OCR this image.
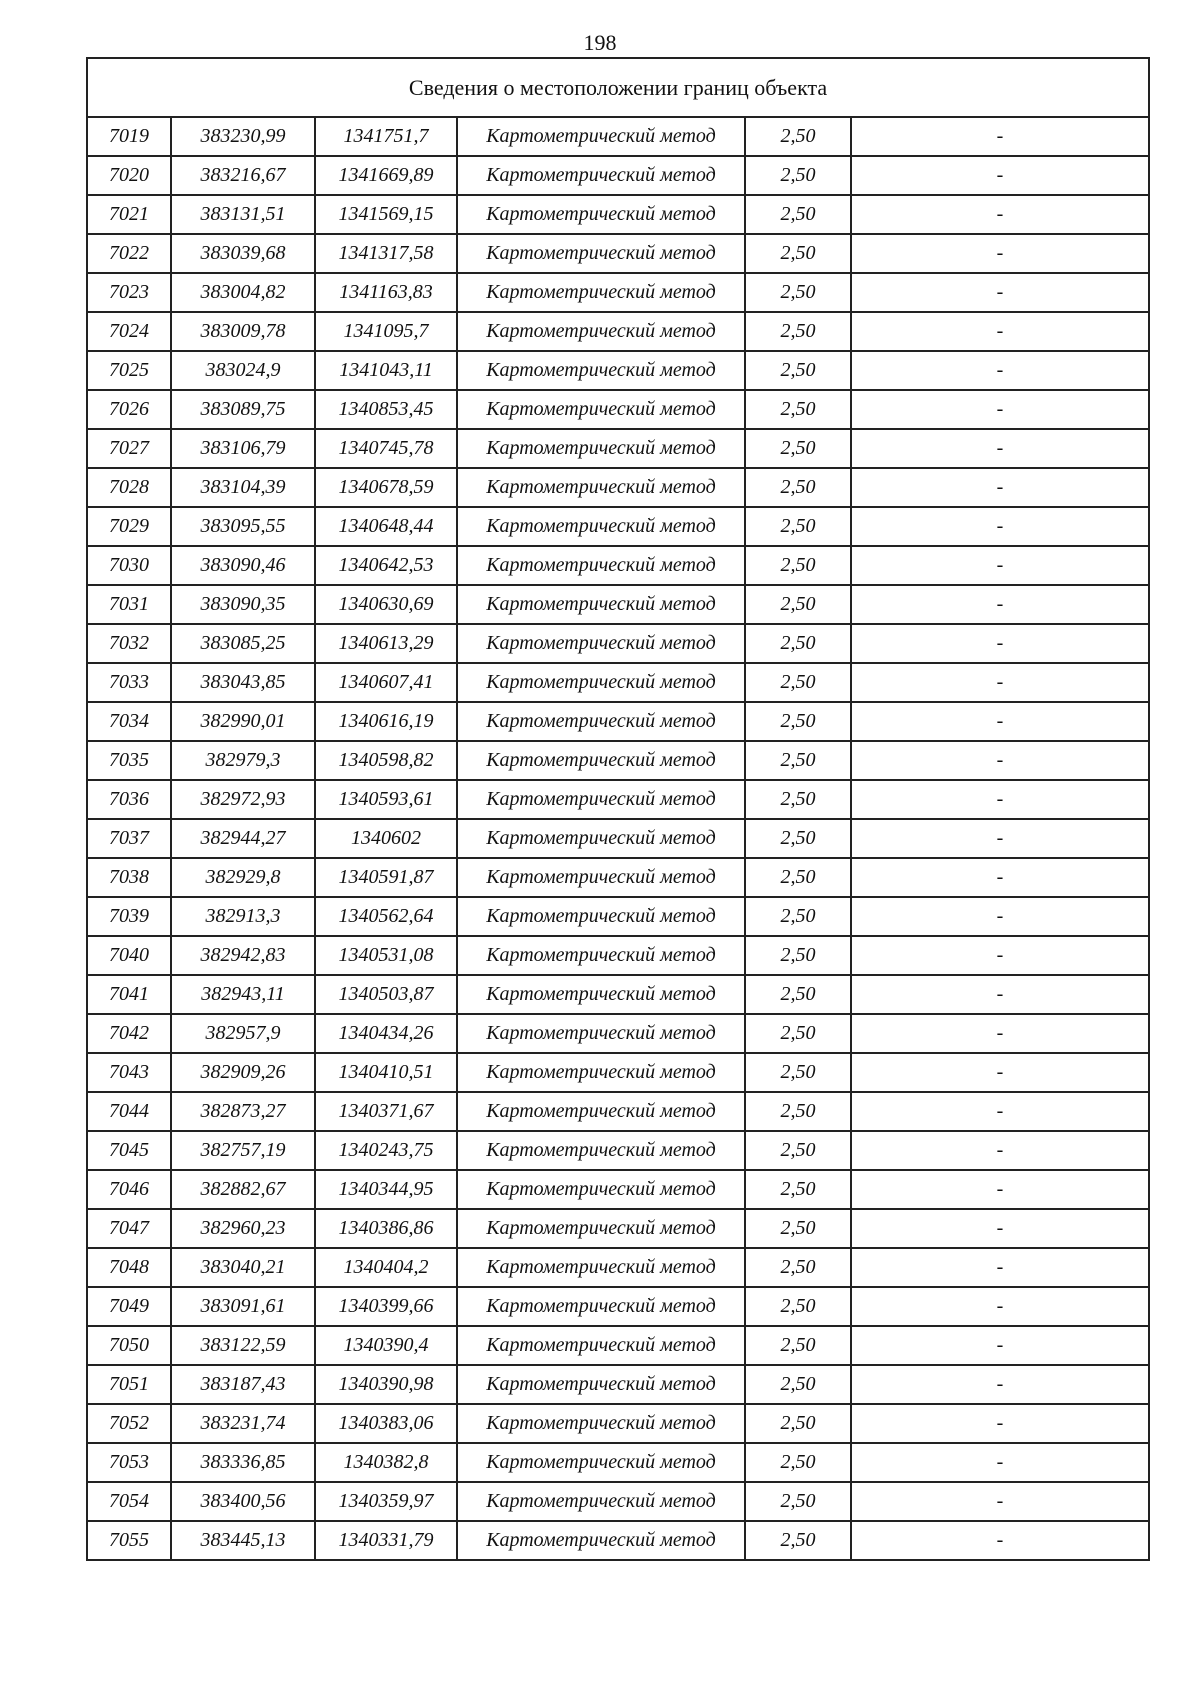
198
Сведения о местоположении границ объекта					
7019	383230,99	1341751,7	Картометрический метод	2,50	-
7020	383216,67	1341669,89	Картометрический метод	2,50	-
7021	383131,51	1341569,15	Картометрический метод	2,50	-
7022	383039,68	1341317,58	Картометрический метод	2,50	-
7023	383004,82	1341163,83	Картометрический метод	2,50	-
7024	383009,78	1341095,7	Картометрический метод	2,50	-
7025	383024,9	1341043,11	Картометрический метод	2,50	-
7026	383089,75	1340853,45	Картометрический метод	2,50	-
7027	383106,79	1340745,78	Картометрический метод	2,50	-
7028	383104,39	1340678,59	Картометрический метод	2,50	-
7029	383095,55	1340648,44	Картометрический метод	2,50	-
7030	383090,46	1340642,53	Картометрический метод	2,50	-
7031	383090,35	1340630,69	Картометрический метод	2,50	-
7032	383085,25	1340613,29	Картометрический метод	2,50	-
7033	383043,85	1340607,41	Картометрический метод	2,50	-
7034	382990,01	1340616,19	Картометрический метод	2,50	-
7035	382979,3	1340598,82	Картометрический метод	2,50	-
7036	382972,93	1340593,61	Картометрический метод	2,50	-
7037	382944,27	1340602	Картометрический метод	2,50	-
7038	382929,8	1340591,87	Картометрический метод	2,50	-
7039	382913,3	1340562,64	Картометрический метод	2,50	-
7040	382942,83	1340531,08	Картометрический метод	2,50	-
7041	382943,11	1340503,87	Картометрический метод	2,50	-
7042	382957,9	1340434,26	Картометрический метод	2,50	-
7043	382909,26	1340410,51	Картометрический метод	2,50	-
7044	382873,27	1340371,67	Картометрический метод	2,50	-
7045	382757,19	1340243,75	Картометрический метод	2,50	-
7046	382882,67	1340344,95	Картометрический метод	2,50	-
7047	382960,23	1340386,86	Картометрический метод	2,50	-
7048	383040,21	1340404,2	Картометрический метод	2,50	-
7049	383091,61	1340399,66	Картометрический метод	2,50	-
7050	383122,59	1340390,4	Картометрический метод	2,50	-
7051	383187,43	1340390,98	Картометрический метод	2,50	-
7052	383231,74	1340383,06	Картометрический метод	2,50	-
7053	383336,85	1340382,8	Картометрический метод	2,50	-
7054	383400,56	1340359,97	Картометрический метод	2,50	-
7055	383445,13	1340331,79	Картометрический метод	2,50	-
